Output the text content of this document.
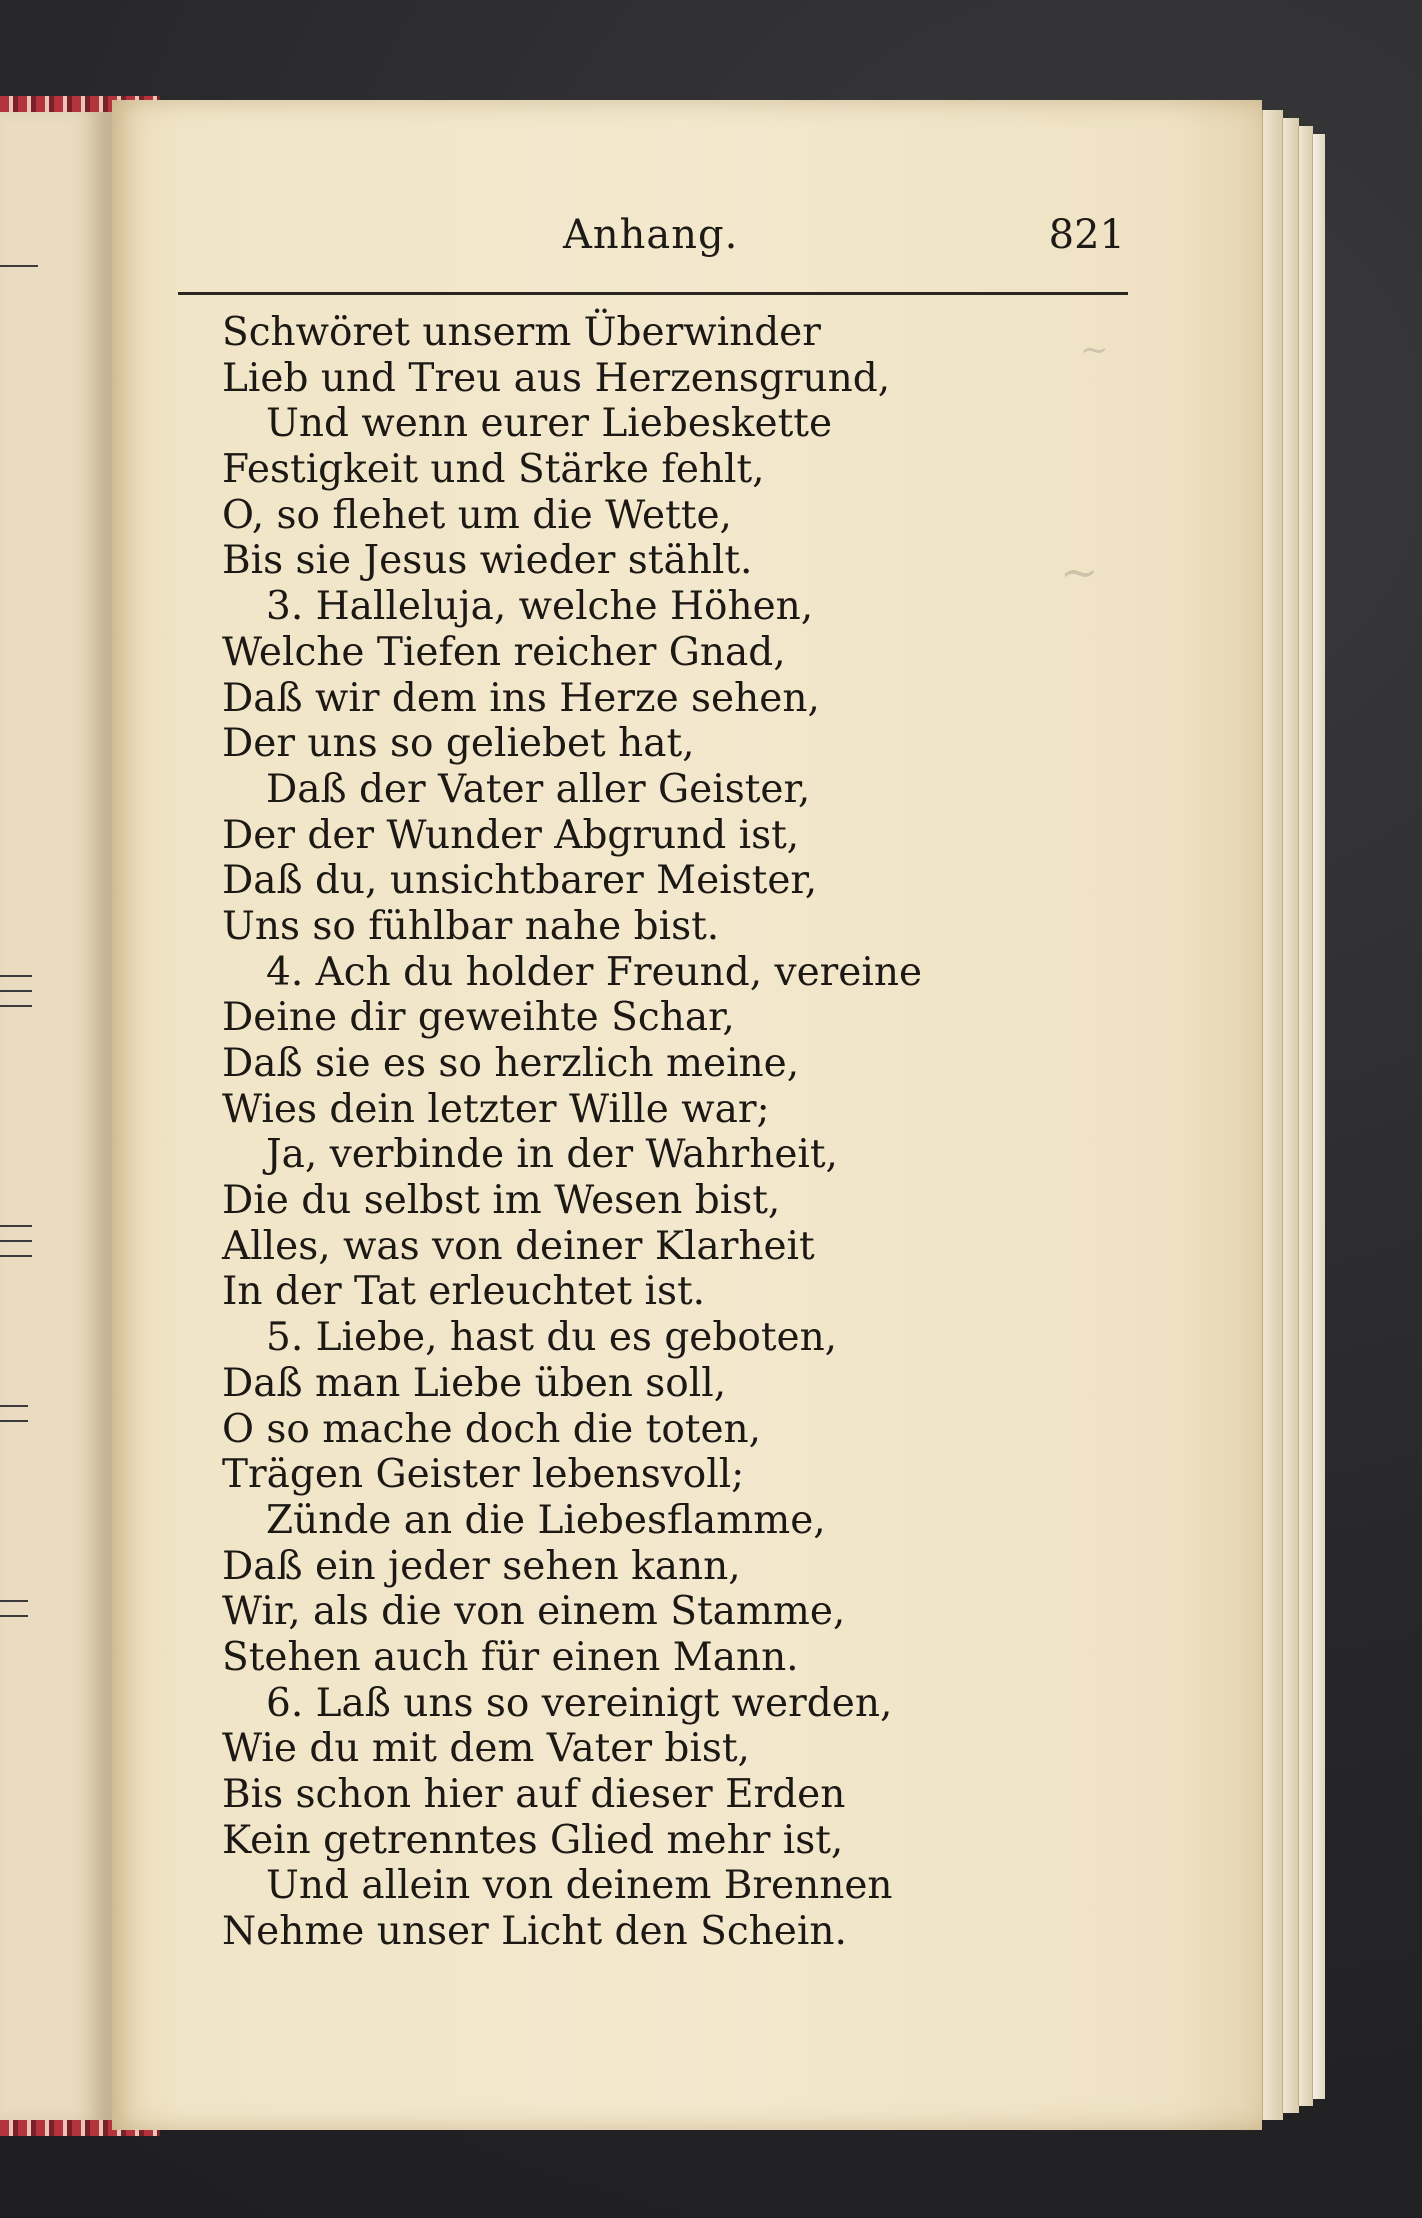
~
~
Anhang.	821
Schwöret unserm Überwinder
Lieb und Treu aus Herzensgrund,
Und wenn eurer Liebeskette
Festigkeit und Stärke fehlt,
O, so flehet um die Wette,
Bis sie Jesus wieder stählt.
3. Halleluja, welche Höhen,
Welche Tiefen reicher Gnad,
Daß wir dem ins Herze sehen,
Der uns so geliebet hat,
Daß der Vater aller Geister,
Der der Wunder Abgrund ist,
Daß du, unsichtbarer Meister,
Uns so fühlbar nahe bist.
4. Ach du holder Freund, vereine
Deine dir geweihte Schar,
Daß sie es so herzlich meine,
Wies dein letzter Wille war;
Ja, verbinde in der Wahrheit,
Die du selbst im Wesen bist,
Alles, was von deiner Klarheit
In der Tat erleuchtet ist.
5. Liebe, hast du es geboten,
Daß man Liebe üben soll,
O so mache doch die toten,
Trägen Geister lebensvoll;
Zünde an die Liebesflamme,
Daß ein jeder sehen kann,
Wir, als die von einem Stamme,
Stehen auch für einen Mann.
6. Laß uns so vereinigt werden,
Wie du mit dem Vater bist,
Bis schon hier auf dieser Erden
Kein getrenntes Glied mehr ist,
Und allein von deinem Brennen
Nehme unser Licht den Schein.
